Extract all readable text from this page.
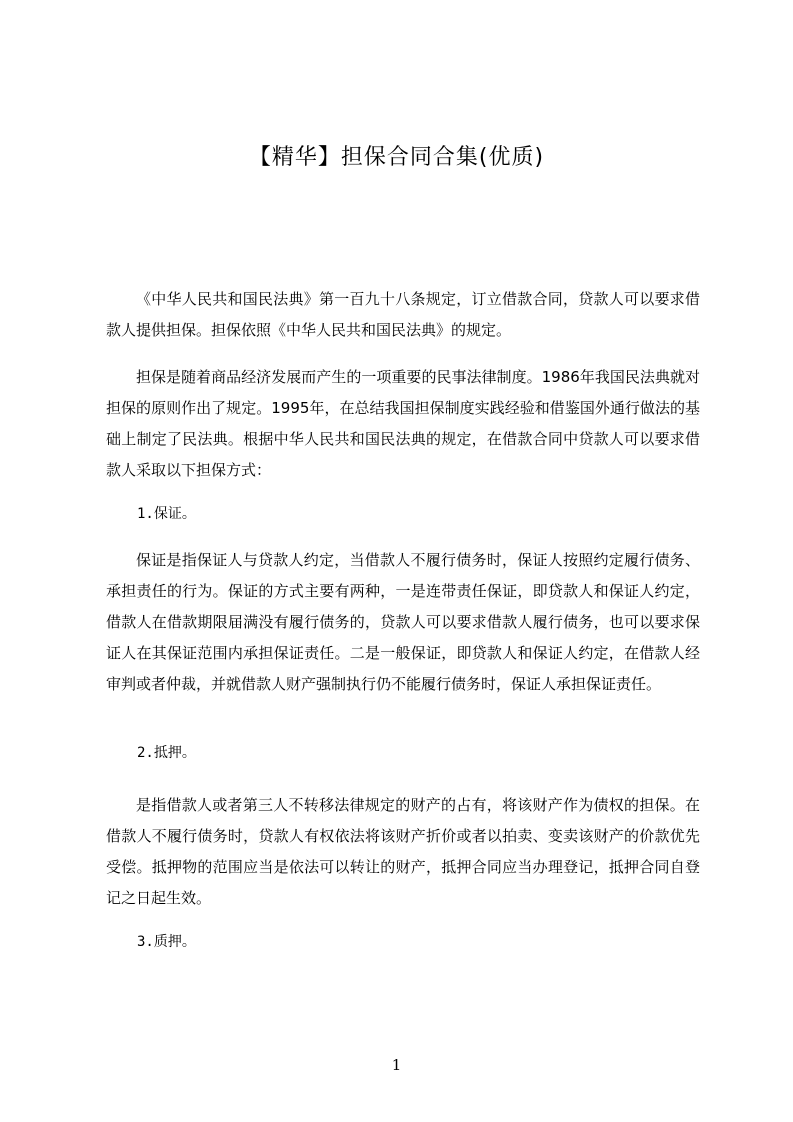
【精华】担保合同合集(优质)

《中华人民共和国民法典》第一百九十八条规定，订立借款合同，贷款人可以要求借款人提供担保。担保依照《中华人民共和国民法典》的规定。

担保是随着商品经济发展而产生的一项重要的民事法律制度。1986年我国民法典就对担保的原则作出了规定。1995年，在总结我国担保制度实践经验和借鉴国外通行做法的基础上制定了民法典。根据中华人民共和国民法典的规定，在借款合同中贷款人可以要求借款人采取以下担保方式：

1.保证。

保证是指保证人与贷款人约定，当借款人不履行债务时，保证人按照约定履行债务、承担责任的行为。保证的方式主要有两种，一是连带责任保证，即贷款人和保证人约定，借款人在借款期限届满没有履行债务的，贷款人可以要求借款人履行债务，也可以要求保证人在其保证范围内承担保证责任。二是一般保证，即贷款人和保证人约定，在借款人经审判或者仲裁，并就借款人财产强制执行仍不能履行债务时，保证人承担保证责任。

2.抵押。

是指借款人或者第三人不转移法律规定的财产的占有，将该财产作为债权的担保。在借款人不履行债务时，贷款人有权依法将该财产折价或者以拍卖、变卖该财产的价款优先受偿。抵押物的范围应当是依法可以转让的财产，抵押合同应当办理登记，抵押合同自登记之日起生效。

3.质押。
1
